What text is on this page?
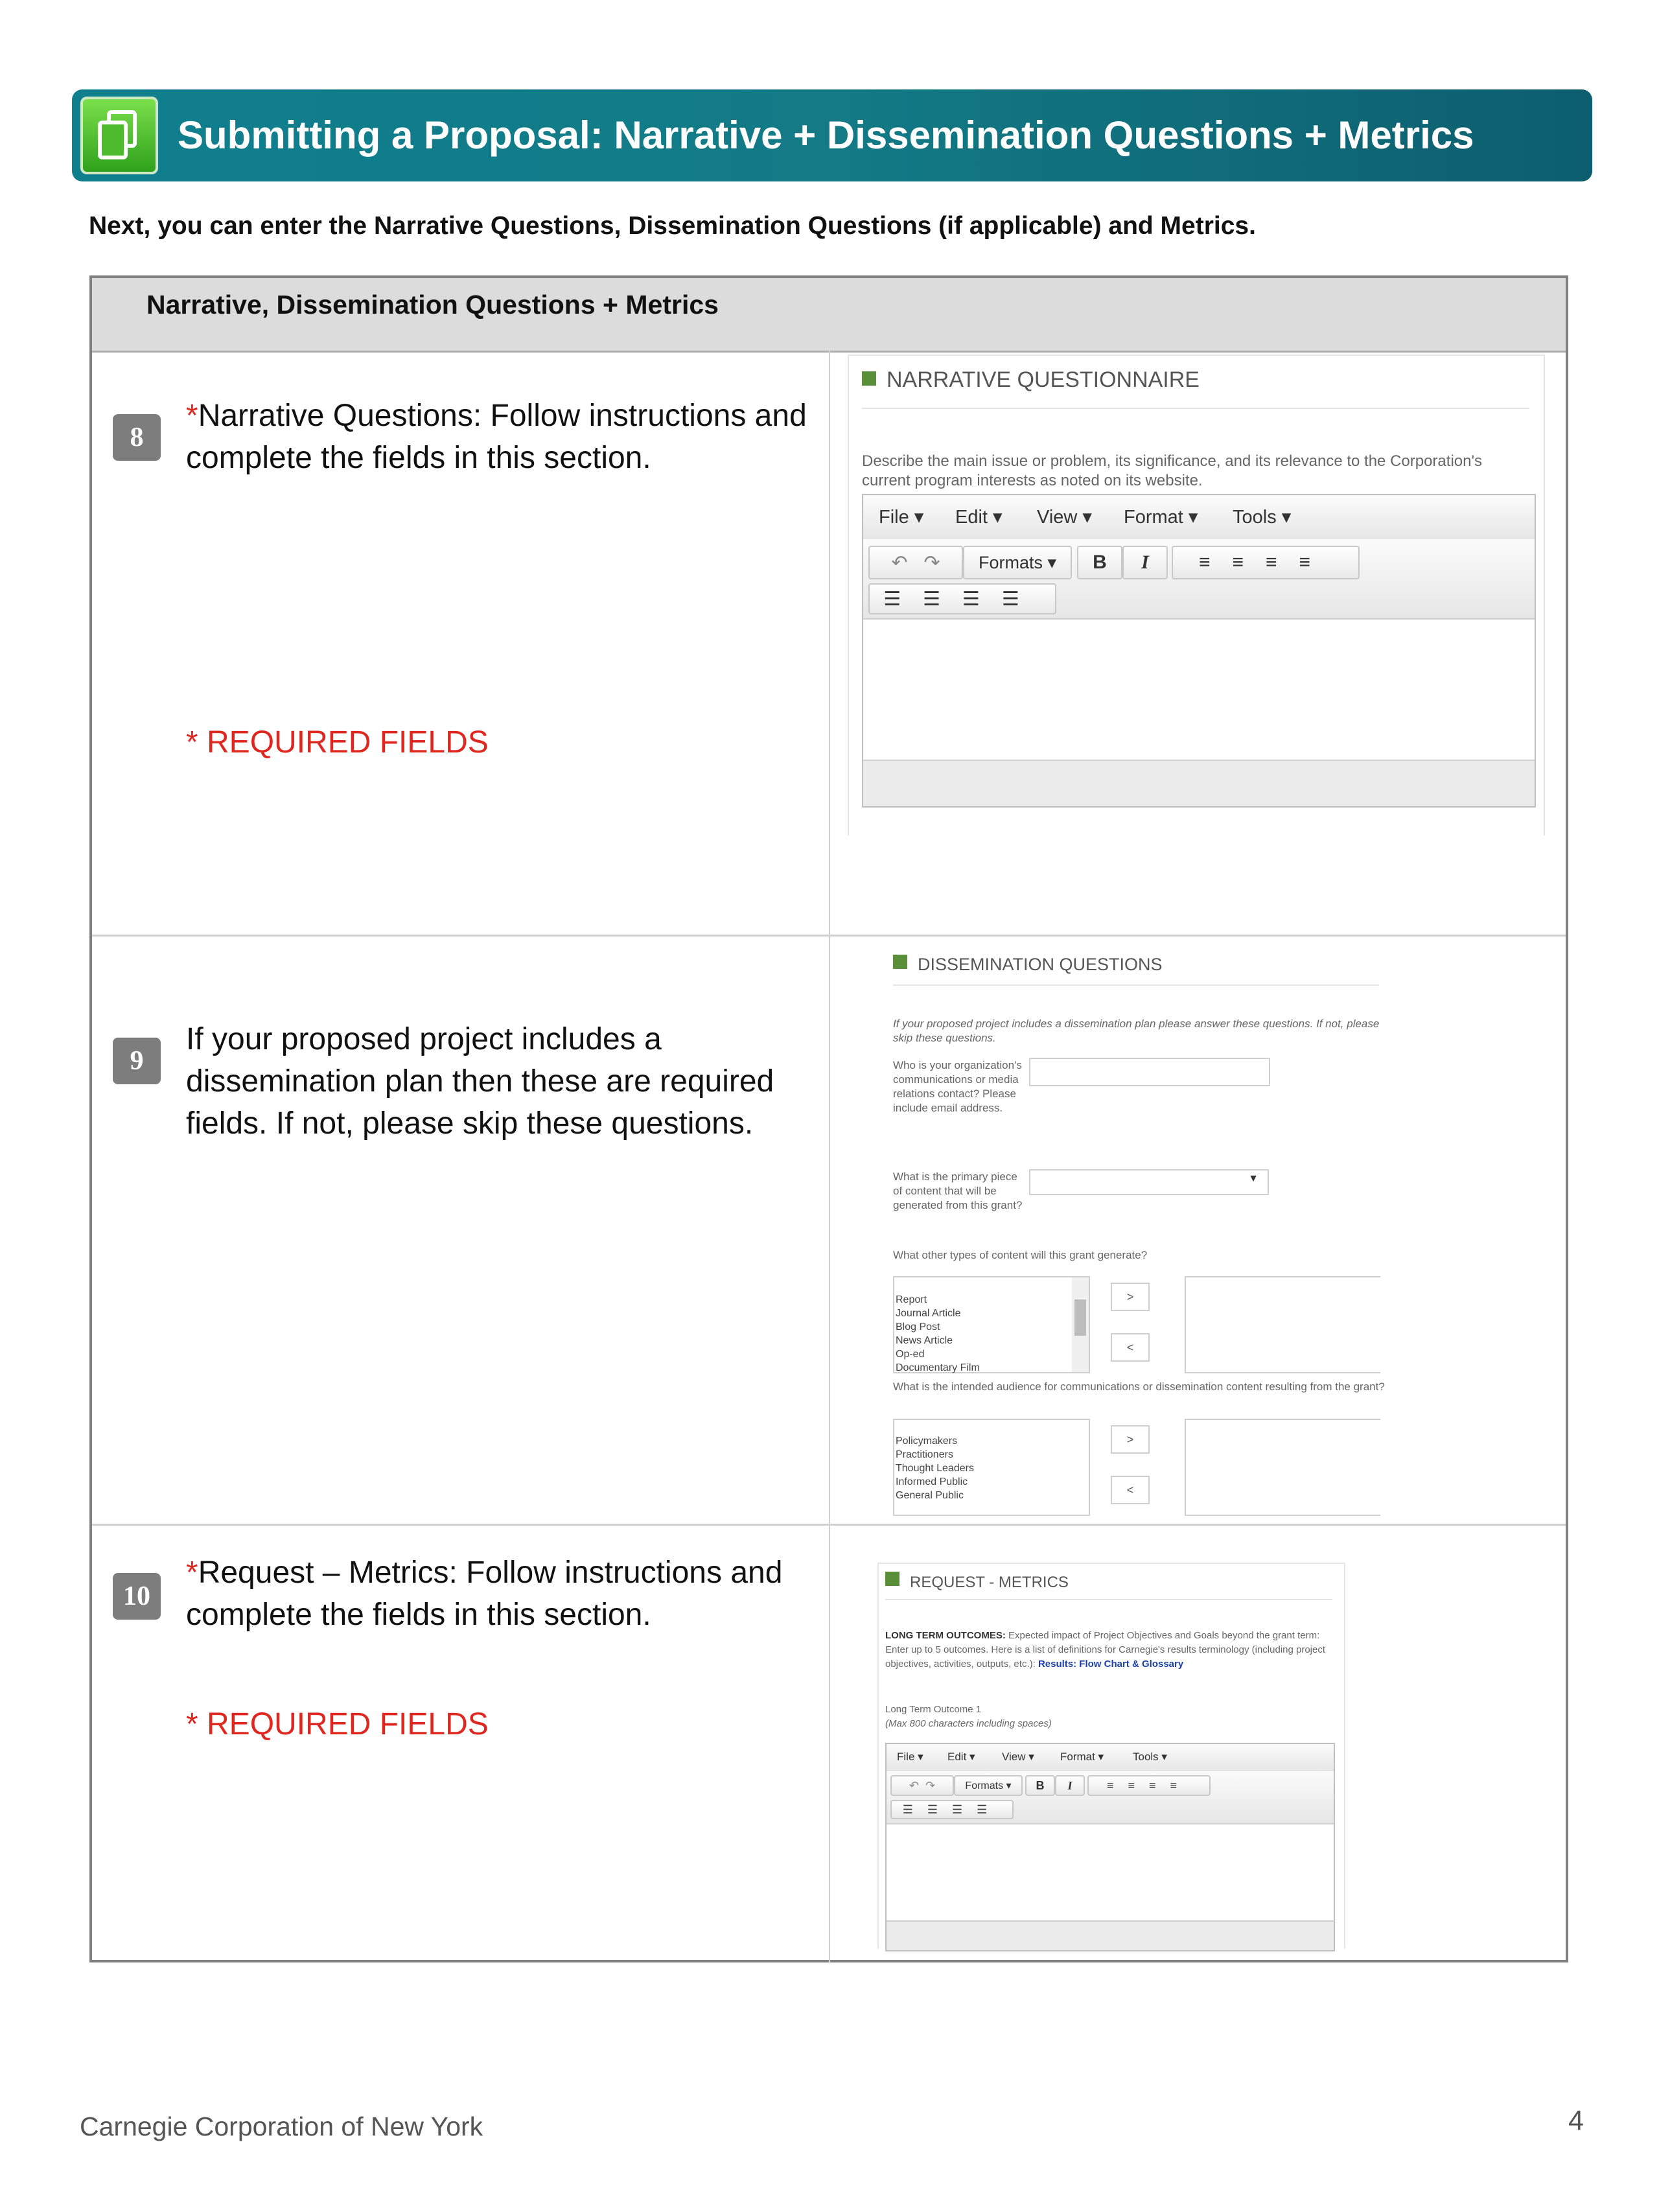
Submitting a Proposal: Narrative + Dissemination Questions + Metrics
Next, you can enter the Narrative Questions, Dissemination Questions (if applicable) and Metrics.
Narrative, Dissemination Questions + Metrics
8
*Narrative Questions: Follow instructions and complete the fields in this section.
* REQUIRED FIELDS
NARRATIVE QUESTIONNAIRE
Describe the main issue or problem, its significance, and its relevance to the Corporation's current program interests as noted on its website.
File ▾ Edit ▾ View ▾ Format ▾ Tools ▾
↶
↷	Formats ▾	B	I	≡≡≡≡
☰☰☰☰
9
If your proposed project includes a dissemination plan then these are required fields. If not, please skip these questions.
DISSEMINATION QUESTIONS
If your proposed project includes a dissemination plan please answer these questions. If not, please skip these questions.
Who is your organization's communications or media relations contact? Please include email address.
What is the primary piece of content that will be generated from this grant?
▼
What other types of content will this grant generate?
Report
Journal Article
Blog Post
News Article
Op-ed
Documentary Film
>
<
What is the intended audience for communications or dissemination content resulting from the grant?
Policymakers
Practitioners
Thought Leaders
Informed Public
General Public
>
<
10
*Request – Metrics: Follow instructions and complete the fields in this section.
* REQUIRED FIELDS
REQUEST - METRICS
LONG TERM OUTCOMES: Expected impact of Project Objectives and Goals beyond the grant term: Enter up to 5 outcomes. Here is a list of definitions for Carnegie's results terminology (including project objectives, activities, outputs, etc.): Results: Flow Chart & Glossary
Long Term Outcome 1
(Max 800 characters including spaces)
File ▾ Edit ▾ View ▾ Format ▾	Tools ▾
↶
↷	Formats ▾	B	I	≡≡≡≡
☰☰☰☰
Carnegie Corporation of New York	4
